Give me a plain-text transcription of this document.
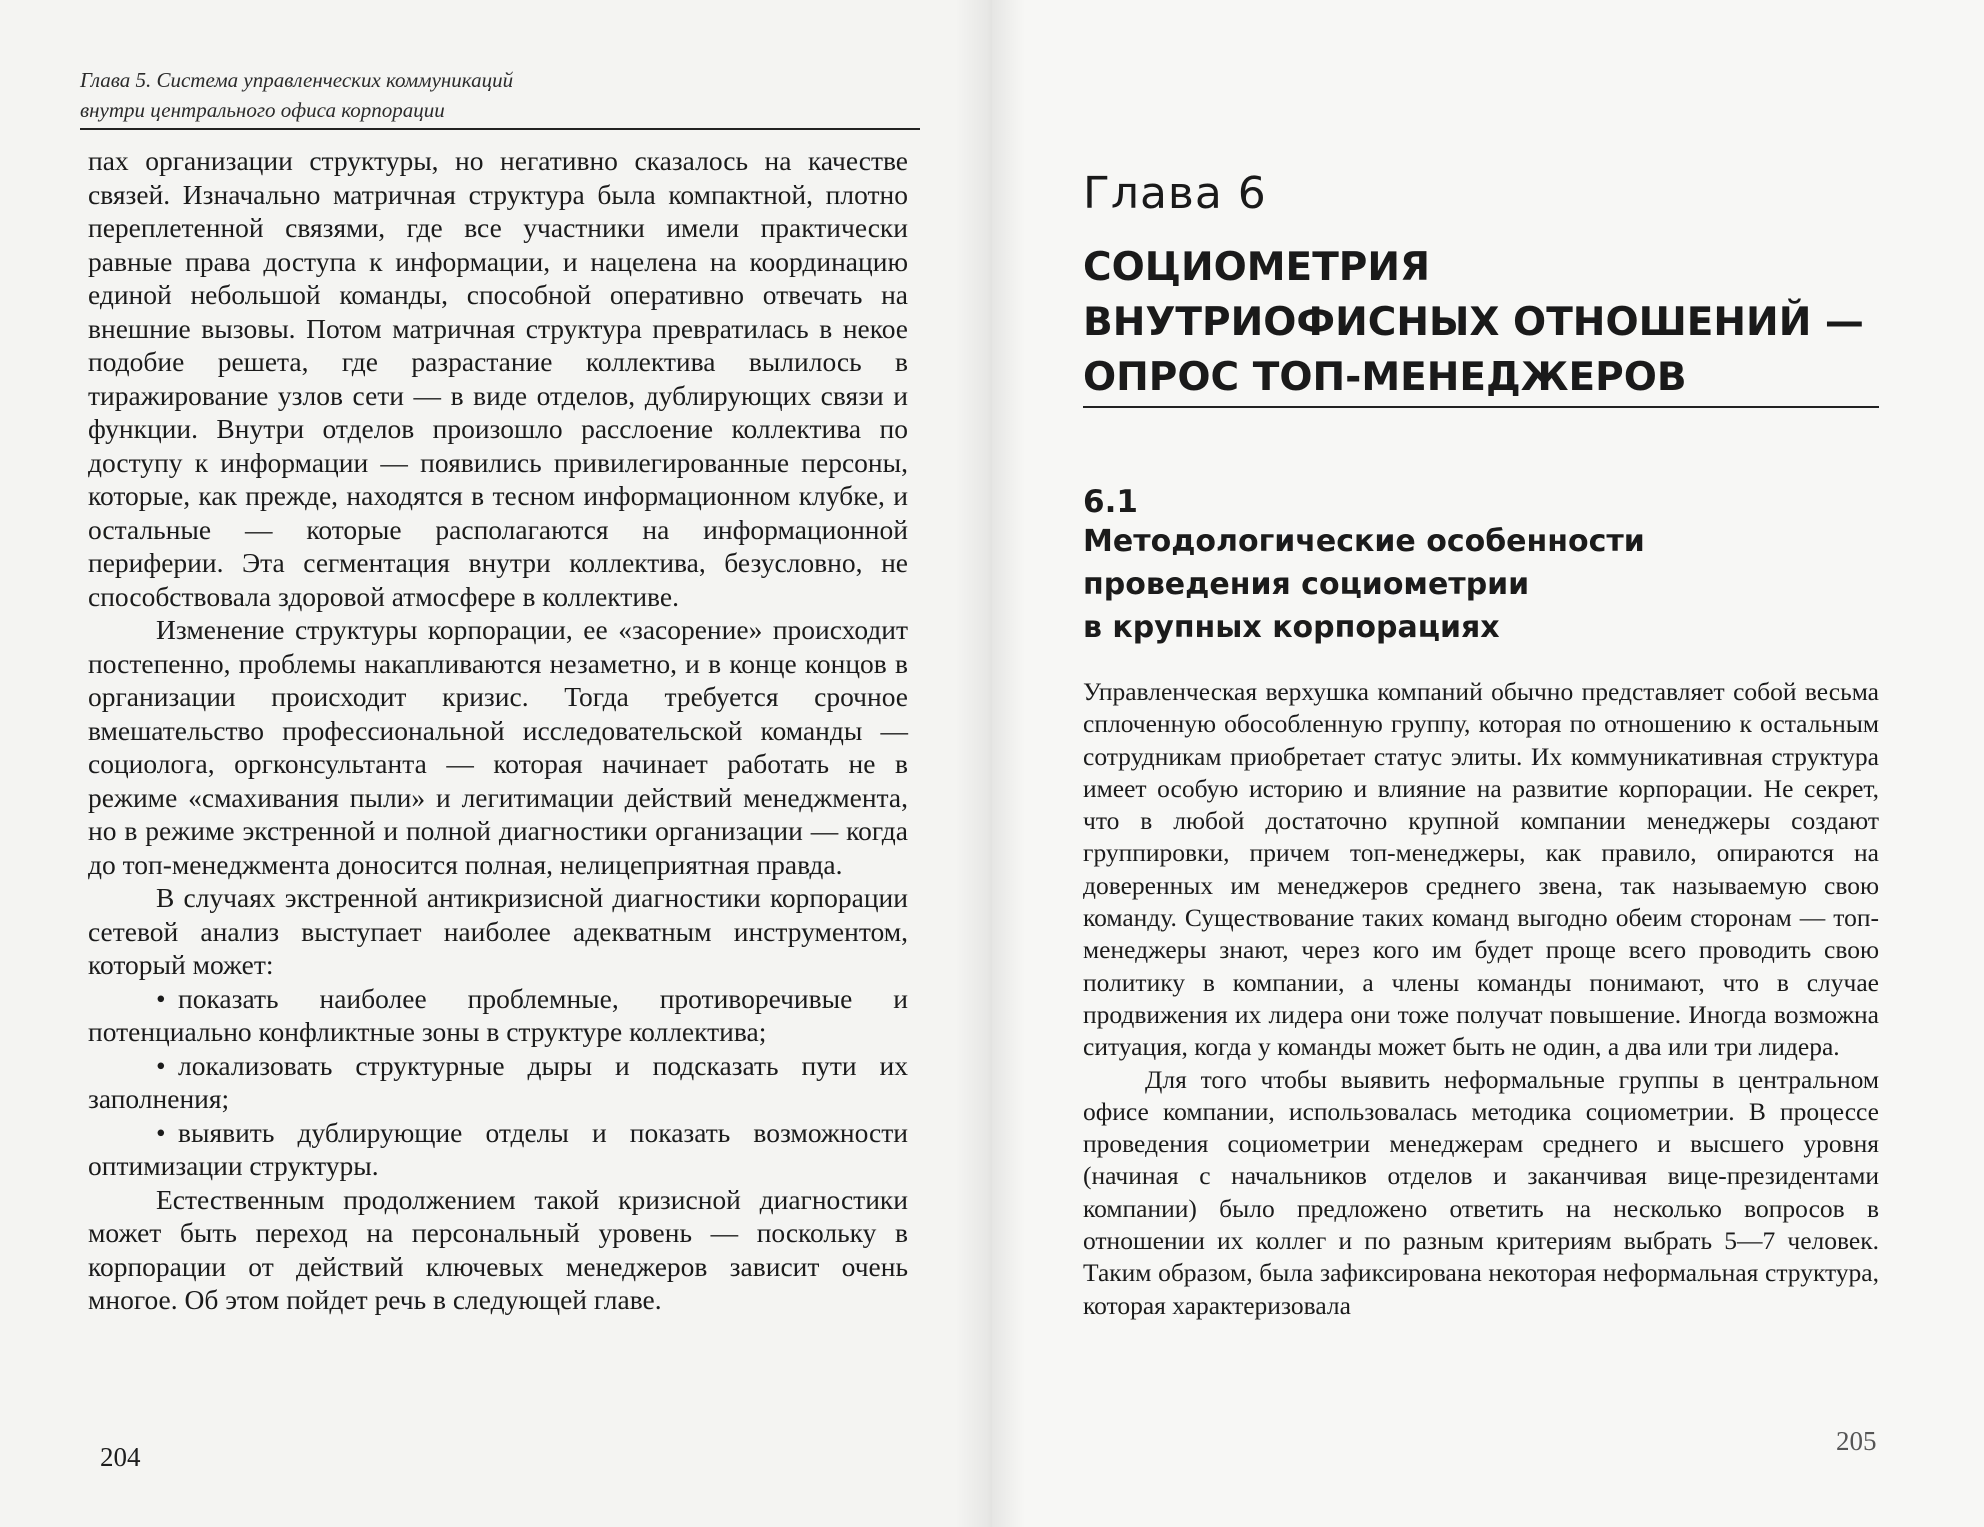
Глава 5. Система управленческих коммуникаций
внутри центрального офиса корпорации

пах организации структуры, но негативно сказалось на качестве связей. Изначально матричная структура была компактной, плотно переплетенной связями, где все участники имели практически равные права доступа к информации, и нацелена на координацию единой небольшой команды, способной оперативно отвечать на внешние вызовы. Потом матричная структура превратилась в некое подобие решета, где разрастание коллектива вылилось в тиражирование узлов сети — в виде отделов, дублирующих связи и функции. Внутри отделов произошло расслоение коллектива по доступу к информации — появились привилегированные персоны, которые, как прежде, находятся в тесном информационном клубке, и остальные — которые располагаются на информационной периферии. Эта сегментация внутри коллектива, безусловно, не способствовала здоровой атмосфере в коллективе.

Изменение структуры корпорации, ее «засорение» происходит постепенно, проблемы накапливаются незаметно, и в конце концов в организации происходит кризис. Тогда требуется срочное вмешательство профессиональной исследовательской команды — социолога, оргконсультанта — которая начинает работать не в режиме «смахивания пыли» и легитимации действий менеджмента, но в режиме экстренной и полной диагностики организации — когда до топ-менеджмента доносится полная, нелицеприятная правда.

В случаях экстренной антикризисной диагностики корпорации сетевой анализ выступает наиболее адекватным инструментом, который может:

• показать наиболее проблемные, противоречивые и потенциально конфликтные зоны в структуре коллектива;
• локализовать структурные дыры и подсказать пути их заполнения;
• выявить дублирующие отделы и показать возможности оптимизации структуры.

Естественным продолжением такой кризисной диагностики может быть переход на персональный уровень — поскольку в корпорации от действий ключевых менеджеров зависит очень многое. Об этом пойдет речь в следующей главе.

204
Глава 6
СОЦИОМЕТРИЯ
ВНУТРИОФИСНЫХ ОТНОШЕНИЙ —
ОПРОС ТОП-МЕНЕДЖЕРОВ
6.1
Методологические особенности
проведения социометрии
в крупных корпорациях

Управленческая верхушка компаний обычно представляет собой весьма сплоченную обособленную группу, которая по отношению к остальным сотрудникам приобретает статус элиты. Их коммуникативная структура имеет особую историю и влияние на развитие корпорации. Не секрет, что в любой достаточно крупной компании менеджеры создают группировки, причем топ-менеджеры, как правило, опираются на доверенных им менеджеров среднего звена, так называемую свою команду. Существование таких команд выгодно обеим сторонам — топ-менеджеры знают, через кого им будет проще всего проводить свою политику в компании, а члены команды понимают, что в случае продвижения их лидера они тоже получат повышение. Иногда возможна ситуация, когда у команды может быть не один, а два или три лидера.

Для того чтобы выявить неформальные группы в центральном офисе компании, использовалась методика социометрии. В процессе проведения социометрии менеджерам среднего и высшего уровня (начиная с начальников отделов и заканчивая вице-президентами компании) было предложено ответить на несколько вопросов в отношении их коллег и по разным критериям выбрать 5—7 человек. Таким образом, была зафиксирована некоторая неформальная структура, которая характеризовала

205
